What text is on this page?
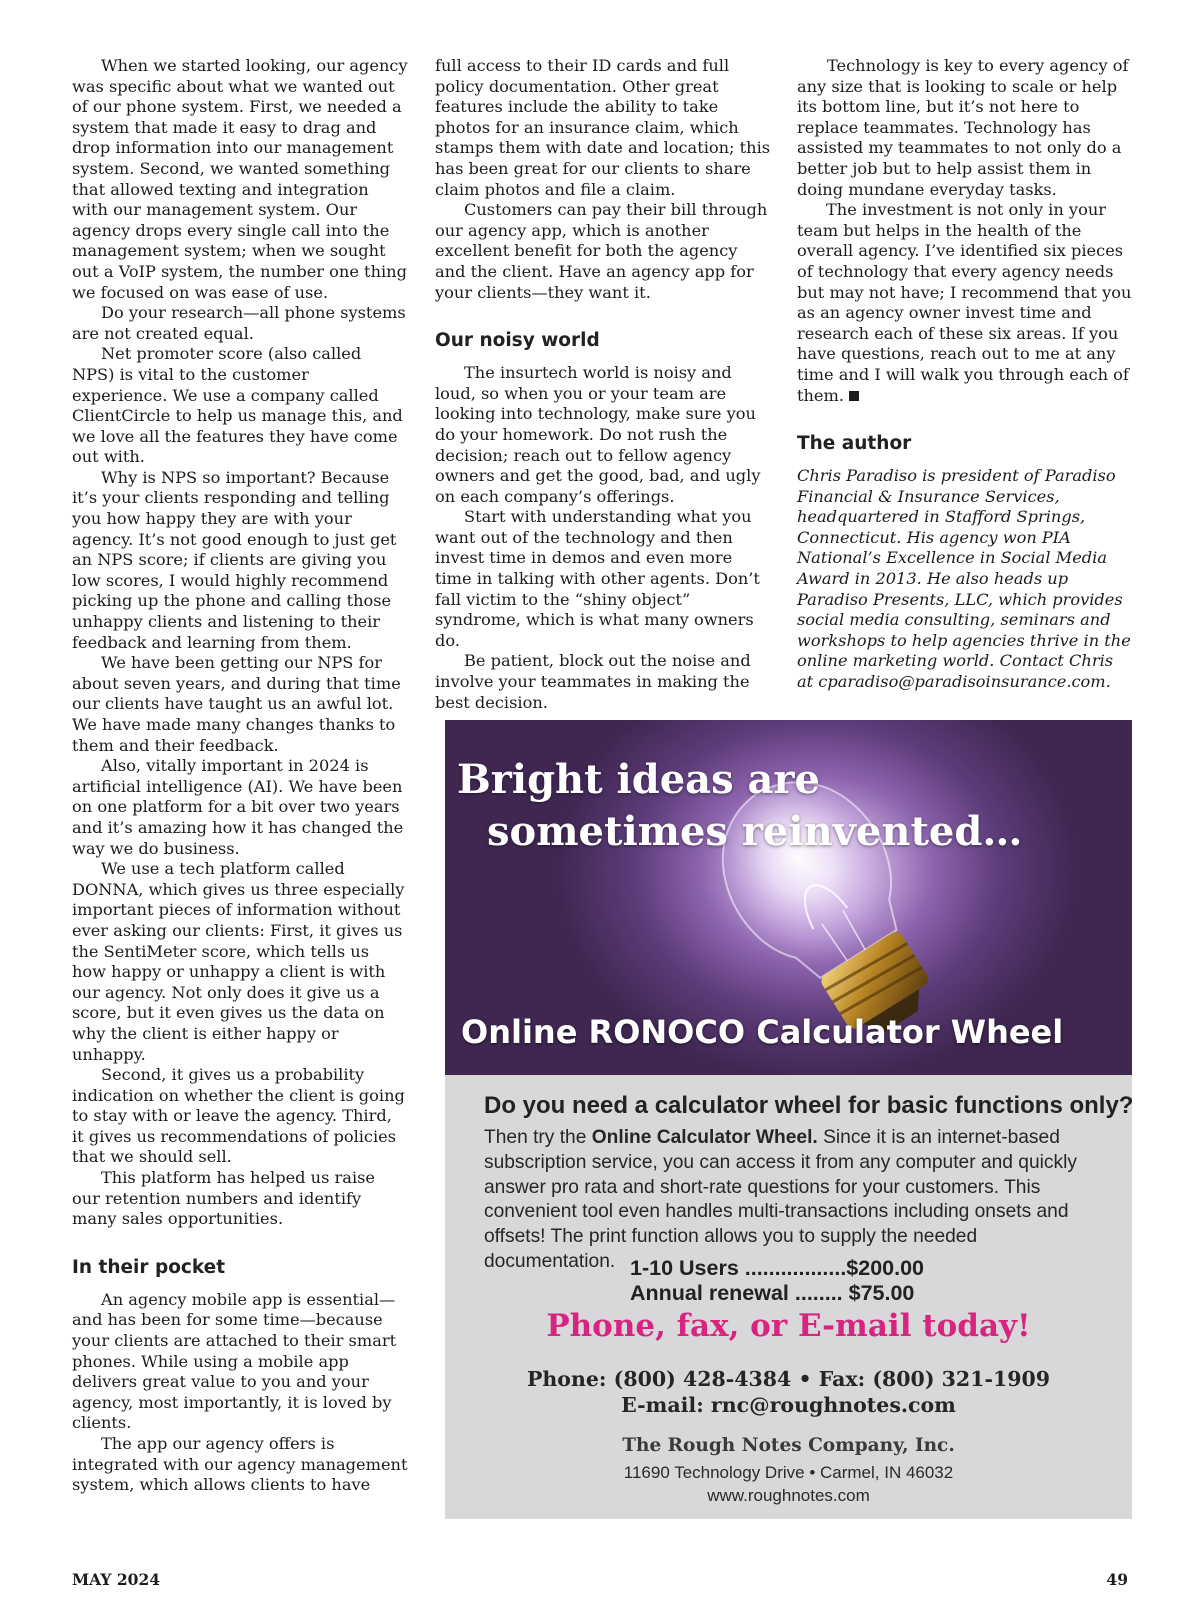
When we started looking, our agency was specific about what we wanted out of our phone system. First, we needed a system that made it easy to drag and drop information into our management system. Second, we wanted something that allowed texting and integration with our management system. Our agency drops every single call into the management system; when we sought out a VoIP system, the number one thing we focused on was ease of use.

Do your research—all phone systems are not created equal.

Net promoter score (also called NPS) is vital to the customer experience. We use a company called ClientCircle to help us manage this, and we love all the features they have come out with.

Why is NPS so important? Because it’s your clients responding and telling you how happy they are with your agency. It’s not good enough to just get an NPS score; if clients are giving you low scores, I would highly recommend picking up the phone and calling those unhappy clients and listening to their feedback and learning from them.

We have been getting our NPS for about seven years, and during that time our clients have taught us an awful lot. We have made many changes thanks to them and their feedback.

Also, vitally important in 2024 is artificial intelligence (AI). We have been on one platform for a bit over two years and it’s amazing how it has changed the way we do business.

We use a tech platform called DONNA, which gives us three especially important pieces of information without ever asking our clients: First, it gives us the SentiMeter score, which tells us how happy or unhappy a client is with our agency. Not only does it give us a score, but it even gives us the data on why the client is either happy or unhappy.

Second, it gives us a probability indication on whether the client is going to stay with or leave the agency. Third, it gives us recommendations of policies that we should sell.

This platform has helped us raise our retention numbers and identify many sales opportunities.

In their pocket

An agency mobile app is essential—and has been for some time—because your clients are attached to their smart phones. While using a mobile app delivers great value to you and your agency, most importantly, it is loved by clients.

The app our agency offers is integrated with our agency management system, which allows clients to have

full access to their ID cards and full policy documentation. Other great features include the ability to take photos for an insurance claim, which stamps them with date and location; this has been great for our clients to share claim photos and file a claim.

Customers can pay their bill through our agency app, which is another excellent benefit for both the agency and the client. Have an agency app for your clients—they want it.

Our noisy world

The insurtech world is noisy and loud, so when you or your team are looking into technology, make sure you do your homework. Do not rush the decision; reach out to fellow agency owners and get the good, bad, and ugly on each company’s offerings.

Start with understanding what you want out of the technology and then invest time in demos and even more time in talking with other agents. Don’t fall victim to the “shiny object” syndrome, which is what many owners do.

Be patient, block out the noise and involve your teammates in making the best decision.

Technology is key to every agency of any size that is looking to scale or help its bottom line, but it’s not here to replace teammates. Technology has assisted my teammates to not only do a better job but to help assist them in doing mundane everyday tasks.

The investment is not only in your team but helps in the health of the overall agency. I’ve identified six pieces of technology that every agency needs but may not have; I recommend that you as an agency owner invest time and research each of these six areas. If you have questions, reach out to me at any time and I will walk you through each of them.

The author

Chris Paradiso is president of Paradiso Financial & Insurance Services, headquartered in Stafford Springs, Connecticut. His agency won PIA National’s Excellence in Social Media Award in 2013. He also heads up Paradiso Presents, LLC, which provides social media consulting, seminars and workshops to help agencies thrive in the online marketing world. Contact Chris at cparadiso@paradisoinsurance.com.

Bright ideas are
sometimes reinvented…
Online RONOCO Calculator Wheel
Do you need a calculator wheel for basic functions only?
Then try the Online Calculator Wheel. Since it is an internet-based subscription service, you can access it from any computer and quickly answer pro rata and short-rate questions for your customers. This convenient tool even handles multi-transactions including onsets and offsets! The print function allows you to supply the needed documentation. 1-10 Users .................$200.00
Annual renewal ........ $75.00
Phone, fax, or E-mail today!
Phone: (800) 428-4384 • Fax: (800) 321-1909
E-mail: rnc@roughnotes.com
The Rough Notes Company, Inc.
11690 Technology Drive • Carmel, IN 46032
www.roughnotes.com
MAY 2024	49
